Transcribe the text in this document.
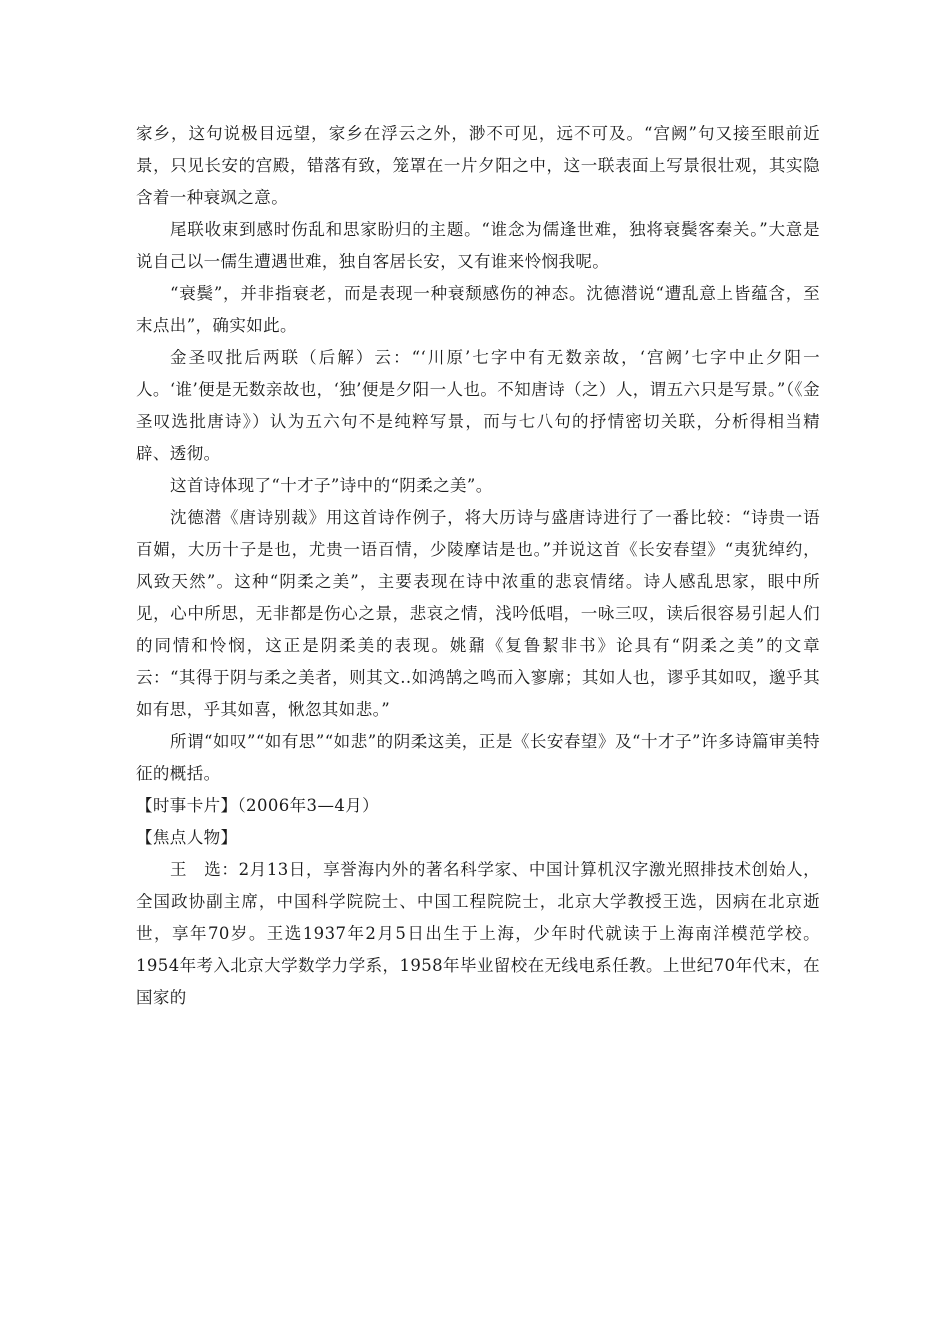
家乡，这句说极目远望，家乡在浮云之外，渺不可见，远不可及。“宫阙”句又接至眼前近景，只见长安的宫殿，错落有致，笼罩在一片夕阳之中，这一联表面上写景很壮观，其实隐含着一种衰飒之意。

尾联收束到感时伤乱和思家盼归的主题。“谁念为儒逢世难，独将衰鬓客秦关。”大意是说自己以一儒生遭遇世难，独自客居长安，又有谁来怜悯我呢。

“衰鬓”，并非指衰老，而是表现一种衰颓感伤的神态。沈德潜说“遭乱意上皆蕴含，至末点出”，确实如此。

金圣叹批后两联（后解）云：“‘川原’七字中有无数亲故，‘宫阙’七字中止夕阳一人。‘谁’便是无数亲故也，‘独’便是夕阳一人也。不知唐诗（之）人，谓五六只是写景。”（《金圣叹选批唐诗》）认为五六句不是纯粹写景，而与七八句的抒情密切关联，分析得相当精辟、透彻。

这首诗体现了“十才子”诗中的“阴柔之美”。

沈德潜《唐诗别裁》用这首诗作例子，将大历诗与盛唐诗进行了一番比较：“诗贵一语百媚，大历十子是也，尤贵一语百情，少陵摩诘是也。”并说这首《长安春望》“夷犹绰约，风致天然”。这种“阴柔之美”，主要表现在诗中浓重的悲哀情绪。诗人感乱思家，眼中所见，心中所思，无非都是伤心之景，悲哀之情，浅吟低唱，一咏三叹，读后很容易引起人们的同情和怜悯，这正是阴柔美的表现。姚鼐《复鲁絜非书》论具有“阴柔之美”的文章云：“其得于阴与柔之美者，则其文..如鸿鹄之鸣而入寥廓；其如人也，谬乎其如叹，邈乎其如有思，乎其如喜，愀忽其如悲。”

所谓“如叹”“如有思”“如悲”的阴柔这美，正是《长安春望》及“十才子”许多诗篇审美特征的概括。

【时事卡片】（2006年3—4月）

【焦点人物】

王　选：2月13日，享誉海内外的著名科学家、中国计算机汉字激光照排技术创始人，全国政协副主席，中国科学院院士、中国工程院院士，北京大学教授王选，因病在北京逝世，享年70岁。王选1937年2月5日出生于上海，少年时代就读于上海南洋模范学校。1954年考入北京大学数学力学系，1958年毕业留校在无线电系任教。上世纪70年代末，在国家的
